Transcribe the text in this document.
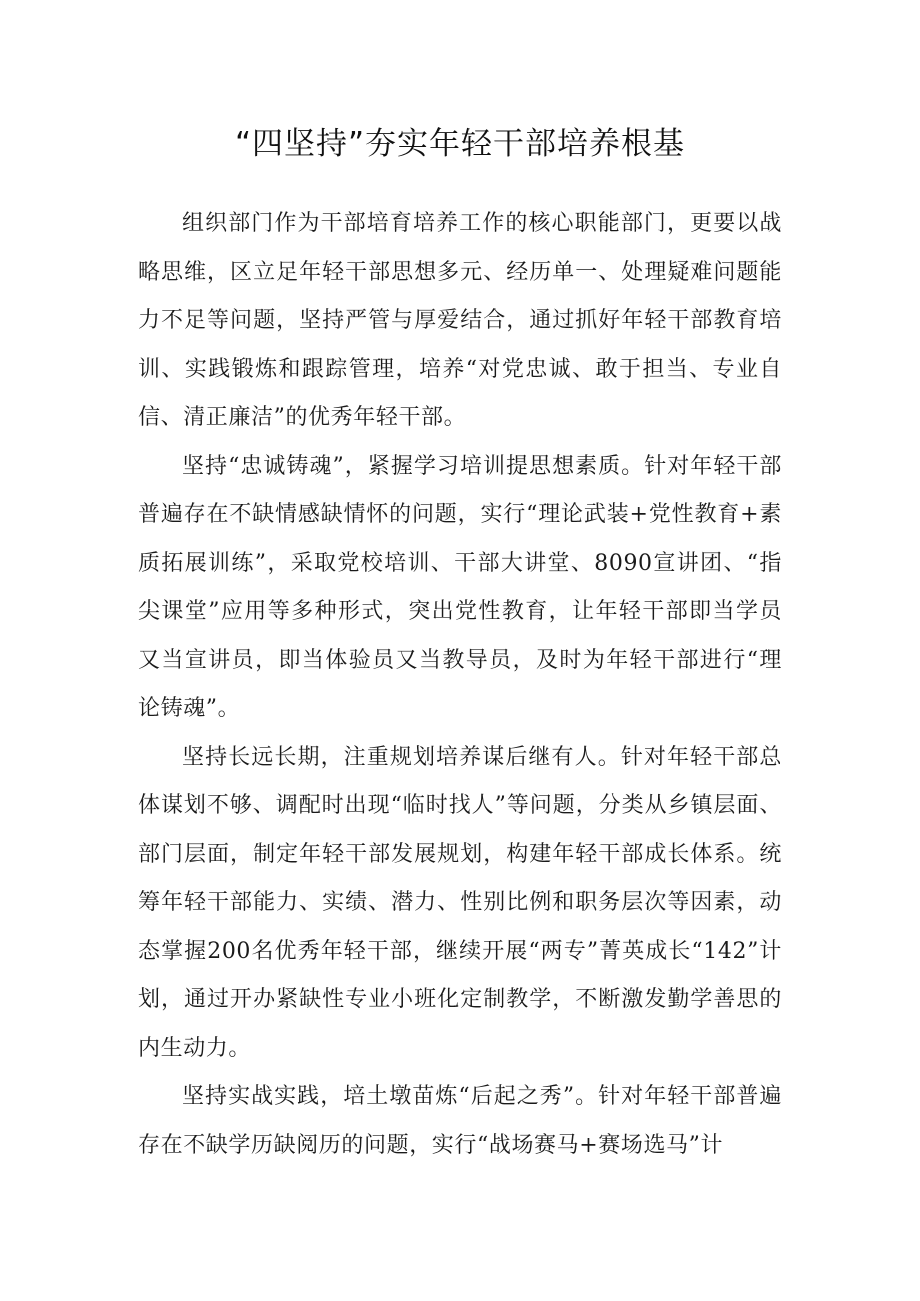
“四坚持”夯实年轻干部培养根基

组织部门作为干部培育培养工作的核心职能部门，更要以战略思维，区立足年轻干部思想多元、经历单一、处理疑难问题能力不足等问题，坚持严管与厚爱结合，通过抓好年轻干部教育培训、实践锻炼和跟踪管理，培养“对党忠诚、敢于担当、专业自信、清正廉洁”的优秀年轻干部。

坚持“忠诚铸魂”，紧握学习培训提思想素质。针对年轻干部普遍存在不缺情感缺情怀的问题，实行“理论武装+党性教育+素质拓展训练”，采取党校培训、干部大讲堂、8090宣讲团、“指尖课堂”应用等多种形式，突出党性教育，让年轻干部即当学员又当宣讲员，即当体验员又当教导员，及时为年轻干部进行“理论铸魂”。

坚持长远长期，注重规划培养谋后继有人。针对年轻干部总体谋划不够、调配时出现“临时找人”等问题，分类从乡镇层面、部门层面，制定年轻干部发展规划，构建年轻干部成长体系。统筹年轻干部能力、实绩、潜力、性别比例和职务层次等因素，动态掌握200名优秀年轻干部，继续开展“两专”菁英成长“142”计划，通过开办紧缺性专业小班化定制教学，不断激发勤学善思的内生动力。

坚持实战实践，培土墩苗炼“后起之秀”。针对年轻干部普遍存在不缺学历缺阅历的问题，实行“战场赛马+赛场选马”计
